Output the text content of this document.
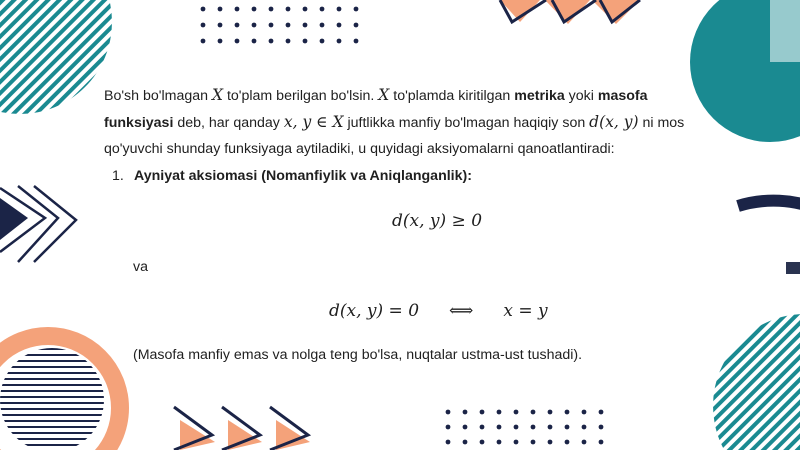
Bo'sh bo'lmagan X to'plam berilgan bo'lsin. X to'plamda kiritilgan metrika yoki masofa funksiyasi deb, har qanday x, y ∈ X juftlikka manfiy bo'lmagan haqiqiy son d(x, y) ni mos qo'yuvchi shunday funksiyaga aytiladiki, u quyidagi aksiyomalarni qanoatlantiradi:

1. Ayniyat aksiomasi (Nomanfiylik va Aniqlanganlik):
d(x, y) ≥ 0
va
d(x, y) = 0 ⟺ x = y
(Masofa manfiy emas va nolga teng bo'lsa, nuqtalar ustma-ust tushadi).
